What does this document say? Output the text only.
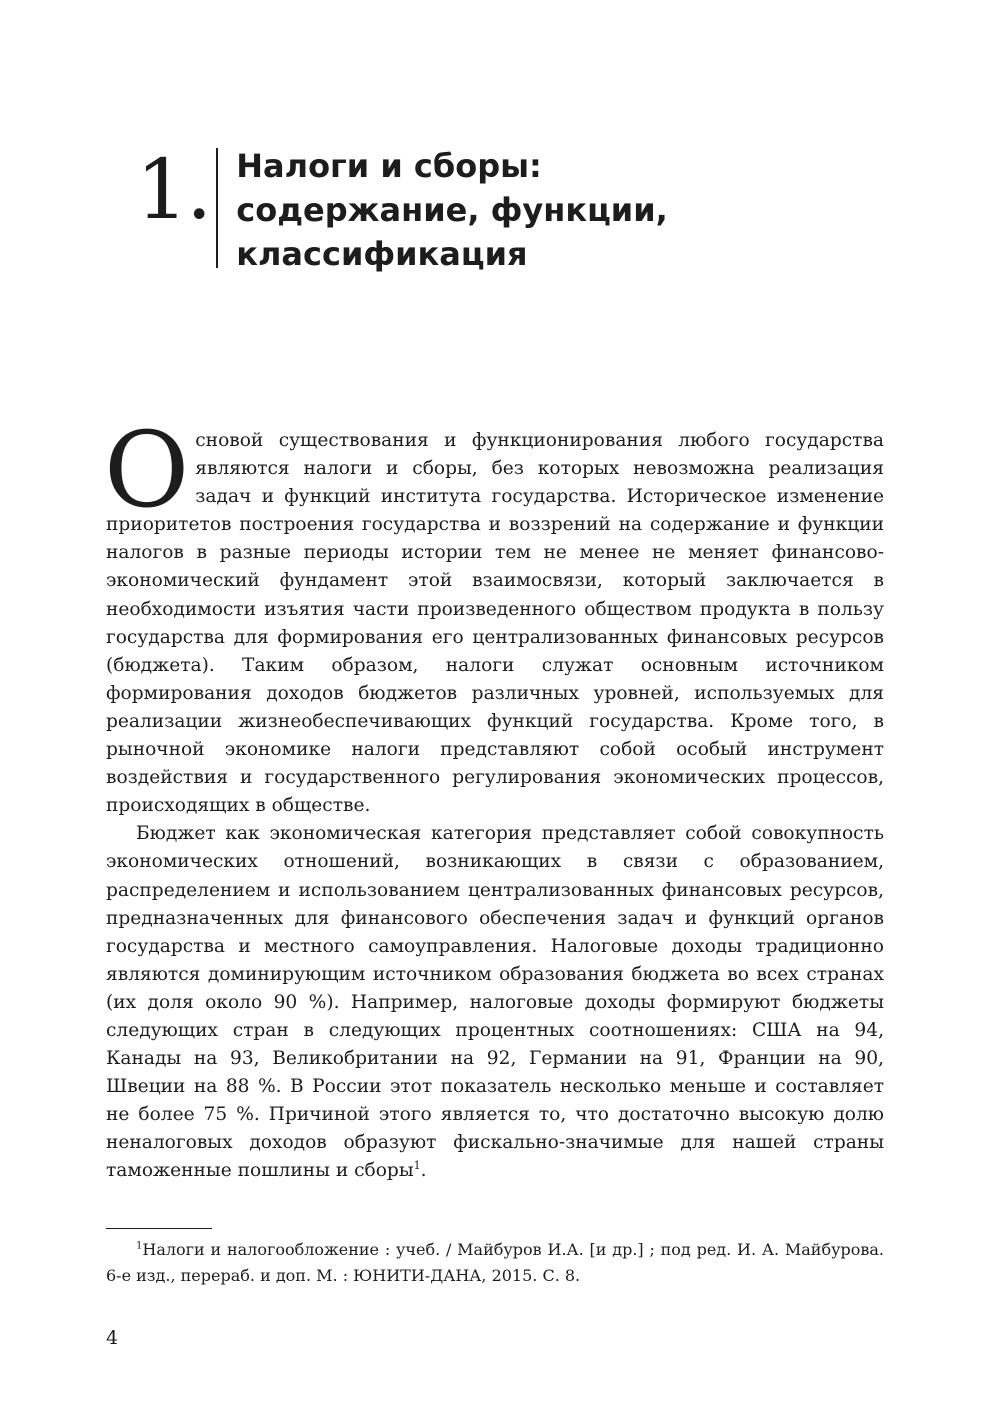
1. Налоги и сборы:
содержание, функции,
классификация

Основой существования и функционирования любого государства являются налоги и сборы, без которых невозможна реализация задач и функций института государства. Историческое изменение приоритетов построения государства и воззрений на содержание и функции налогов в разные периоды истории тем не менее не меняет финансово-экономический фундамент этой взаимосвязи, который заключается в необходимости изъятия части произведенного обществом продукта в пользу государства для формирования его централизованных финансовых ресурсов (бюджета). Таким образом, налоги служат основным источником формирования доходов бюджетов различных уровней, используемых для реализации жизнеобеспечивающих функций государства. Кроме того, в рыночной экономике налоги представляют собой особый инструмент воздействия и государственного регулирования экономических процессов, происходящих в обществе.

Бюджет как экономическая категория представляет собой совокупность экономических отношений, возникающих в связи с образованием, распределением и использованием централизованных финансовых ресурсов, предназначенных для финансового обеспечения задач и функций органов государства и местного самоуправления. Налоговые доходы традиционно являются доминирующим источником образования бюджета во всех странах (их доля около 90 %). Например, налоговые доходы формируют бюджеты следующих стран в следующих процентных соотношениях: США на 94, Канады на 93, Великобритании на 92, Германии на 91, Франции на 90, Швеции на 88 %. В России этот показатель несколько меньше и составляет не более 75 %. Причиной этого является то, что достаточно высокую долю неналоговых доходов образуют фискально-значимые для нашей страны таможенные пошлины и сборы$^1$.

$^1$Налоги и налогообложение : учеб. / Майбуров И.А. [и др.] ; под ред. И. А. Майбурова. 6-е изд., перераб. и доп. М. : ЮНИТИ-ДАНА, 2015. С. 8.
4
